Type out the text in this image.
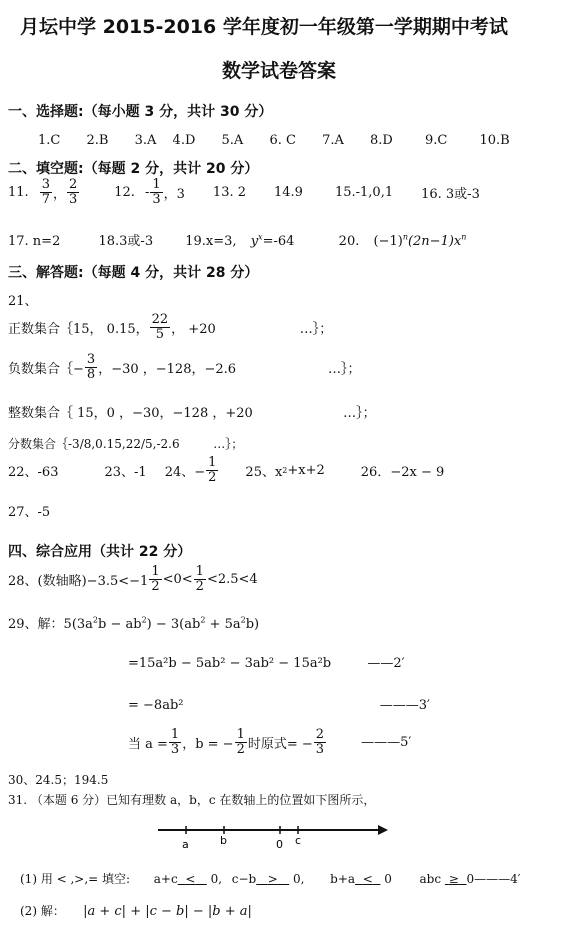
月坛中学 2015-2016 学年度初一年级第一学期期中考试
数学试卷答案
一、选择题:（每小题 3 分，共计 30 分）
1.C 2.B 3.A 4.D 5.A 6. C 7.A 8.D 9.C 10.B
二、填空题:（每题 2 分，共计 20 分）
11. $\frac{3}{7}$ ， $\frac{2}{3}$	12. - $\frac{1}{3}$ ，3 13. 2 14.9 15.-1,0,1 16. 3或-3
17. n=2	18.3或-3 19.x=3, $y^x=-64$	20. $(-1)^n(2n-1)x^n$
三、解答题:（每题 4 分，共计 28 分）
21、
正数集合｛15， 0.15， $\frac{22}{5}$ ， +20	…｝；
负数集合｛− $\frac{3}{8}$ ，−30 ，−128，−2.6	…｝；
整数集合｛ 15，0 ，−30，−128 ，+20	…｝；
分数集合｛-3/8,0.15,22/5,-2.6	…｝；
22、-63	23、-1 24、− $\frac{1}{2} 25$、x 2 +x+2	26．−2x − 9
27、-5
四、综合应用（共计 22 分）
28、(数轴略)$-3.5<-1 \frac{1}{2} <0< \frac{1}{2} <2.5<4$
29、解：$5(3a^2b - ab^2) - 3(ab^2 + 5a^2b)$
=15a²b − 5ab² − 3ab² − 15a²b	——2′
= −8ab²	———3′
当 $a = \frac{1}{3}$ ，b = − $\frac{1}{2}$ 时原式= − $\frac{2}{3}$	———5′
30、24.5；194.5
31. （本题 6 分）已知有理数 a，b，c 在数轴上的位置如下图所示，
a	b	0 c
(1) 用 < ,>,= 填空: a+c < 0, c−b > 0, b+a < 0 abc ≥ 0———4′
(2) 解： |a + c| + |c − b| − |b + a|
